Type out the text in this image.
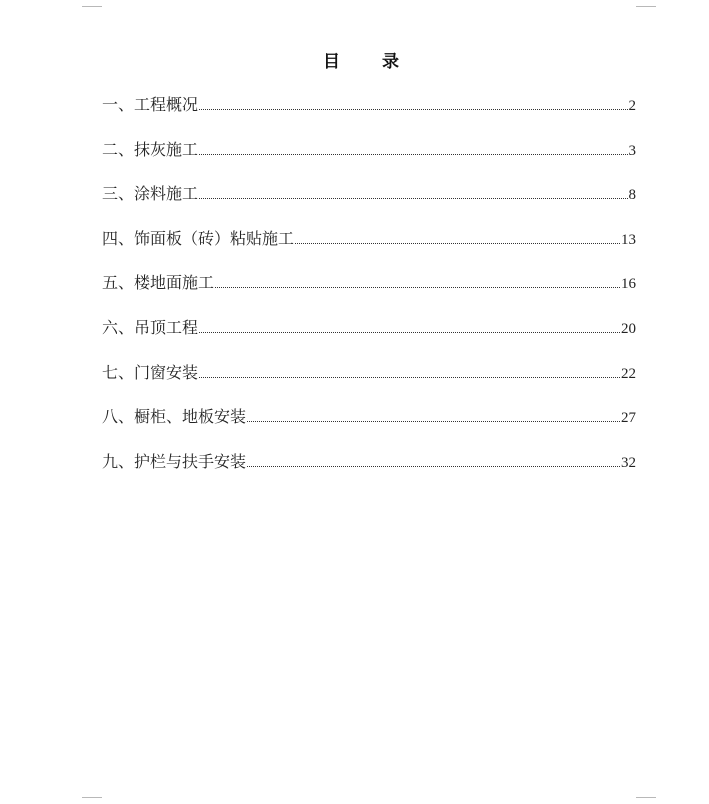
目 录
一、工程概况	2
二、抹灰施工	3
三、涂料施工	8
四、饰面板（砖）粘贴施工	13
五、楼地面施工	16
六、吊顶工程	20
七、门窗安装	22
八、橱柜、地板安装	27
九、护栏与扶手安装	32
